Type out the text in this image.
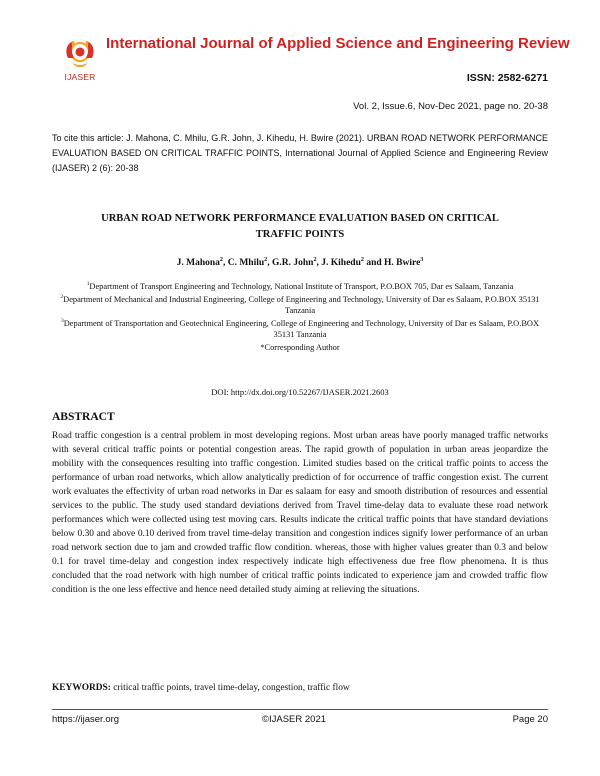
IJASER
International Journal of Applied Science and Engineering Review
ISSN: 2582-6271
Vol. 2, Issue.6, Nov-Dec 2021, page no. 20-38
To cite this article: J. Mahona, C. Mhilu, G.R. John, J. Kihedu, H. Bwire (2021). URBAN ROAD NETWORK PERFORMANCE EVALUATION BASED ON CRITICAL TRAFFIC POINTS, International Journal of Applied Science and Engineering Review (IJASER) 2 (6): 20-38
URBAN ROAD NETWORK PERFORMANCE EVALUATION BASED ON CRITICAL
TRAFFIC POINTS
J. Mahona$^2$, C. Mhilu$^2$, G.R. John$^2$, J. Kihedu$^2$ and H. Bwire$^3$

$^1$Department of Transport Engineering and Technology, National Institute of Transport, P.O.BOX 705, Dar es Salaam, Tanzania

$^2$Department of Mechanical and Industrial Engineering, College of Engineering and Technology, University of Dar es Salaam, P.O.BOX 35131 Tanzania

$^3$Department of Transportation and Geotechnical Engineering, College of Engineering and Technology, University of Dar es Salaam, P.O.BOX 35131 Tanzania

*Corresponding Author

DOI: http://dx.doi.org/10.52267/IJASER.2021.2603
ABSTRACT
Road traffic congestion is a central problem in most developing regions. Most urban areas have poorly managed traffic networks with several critical traffic points or potential congestion areas. The rapid growth of population in urban areas jeopardize the mobility with the consequences resulting into traffic congestion. Limited studies based on the critical traffic points to access the performance of urban road networks, which allow analytically prediction of for occurrence of traffic congestion exist. The current work evaluates the effectivity of urban road networks in Dar es salaam for easy and smooth distribution of resources and essential services to the public. The study used standard deviations derived from Travel time-delay data to evaluate these road network performances which were collected using test moving cars. Results indicate the critical traffic points that have standard deviations below 0.30 and above 0.10 derived from travel time-delay transition and congestion indices signify lower performance of an urban road network section due to jam and crowded traffic flow condition. whereas, those with higher values greater than 0.3 and below 0.1 for travel time-delay and congestion index respectively indicate high effectiveness due free flow phenomena. It is thus concluded that the road network with high number of critical traffic points indicated to experience jam and crowded traffic flow condition is the one less effective and hence need detailed study aiming at relieving the situations.
KEYWORDS: critical traffic points, travel time-delay, congestion, traffic flow
https://ijaser.org	©IJASER 2021	Page 20
